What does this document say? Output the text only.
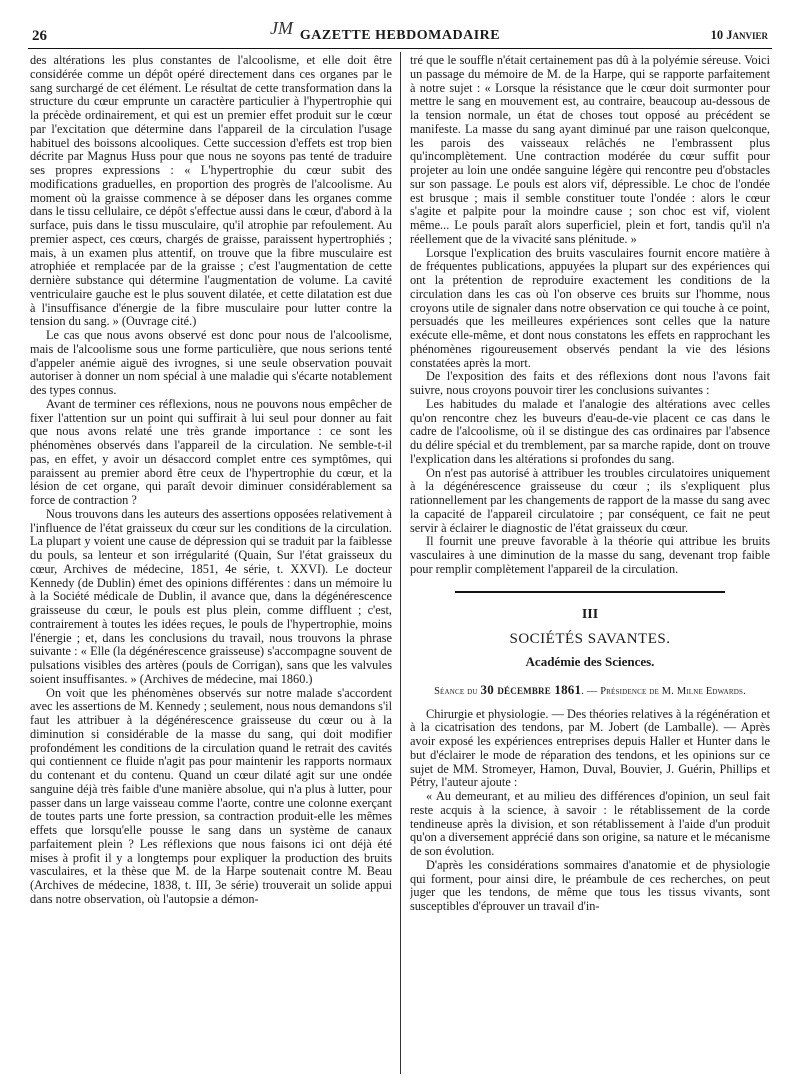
26	JM GAZETTE HEBDOMADAIRE	10 Janvier

des altérations les plus constantes de l'alcoolisme, et elle doit être considérée comme un dépôt opéré directement dans ces organes par le sang surchargé de cet élément. Le résultat de cette transformation dans la structure du cœur emprunte un caractère particulier à l'hypertrophie qui la précède ordinairement, et qui est un premier effet produit sur le cœur par l'excitation que détermine dans l'appareil de la circulation l'usage habituel des boissons alcooliques. Cette succession d'effets est trop bien décrite par Magnus Huss pour que nous ne soyons pas tenté de traduire ses propres expressions : « L'hypertrophie du cœur subit des modifications graduelles, en proportion des progrès de l'alcoolisme. Au moment où la graisse commence à se déposer dans les organes comme dans le tissu cellulaire, ce dépôt s'effectue aussi dans le cœur, d'abord à la surface, puis dans le tissu musculaire, qu'il atrophie par refoulement. Au premier aspect, ces cœurs, chargés de graisse, paraissent hypertrophiés ; mais, à un examen plus attentif, on trouve que la fibre musculaire est atrophiée et remplacée par de la graisse ; c'est l'augmentation de cette dernière substance qui détermine l'augmentation de volume. La cavité ventriculaire gauche est le plus souvent dilatée, et cette dilatation est due à l'insuffisance d'énergie de la fibre musculaire pour lutter contre la tension du sang. » (Ouvrage cité.)

Le cas que nous avons observé est donc pour nous de l'alcoolisme, mais de l'alcoolisme sous une forme particulière, que nous serions tenté d'appeler anémie aiguë des ivrognes, si une seule observation pouvait autoriser à donner un nom spécial à une maladie qui s'écarte notablement des types connus.

Avant de terminer ces réflexions, nous ne pouvons nous empêcher de fixer l'attention sur un point qui suffirait à lui seul pour donner au fait que nous avons relaté une très grande importance : ce sont les phénomènes observés dans l'appareil de la circulation. Ne semble-t-il pas, en effet, y avoir un désaccord complet entre ces symptômes, qui paraissent au premier abord être ceux de l'hypertrophie du cœur, et la lésion de cet organe, qui paraît devoir diminuer considérablement sa force de contraction ?

Nous trouvons dans les auteurs des assertions opposées relativement à l'influence de l'état graisseux du cœur sur les conditions de la circulation. La plupart y voient une cause de dépression qui se traduit par la faiblesse du pouls, sa lenteur et son irrégularité (Quain, Sur l'état graisseux du cœur, Archives de médecine, 1851, 4e série, t. XXVI). Le docteur Kennedy (de Dublin) émet des opinions différentes : dans un mémoire lu à la Société médicale de Dublin, il avance que, dans la dégénérescence graisseuse du cœur, le pouls est plus plein, comme diffluent ; c'est, contrairement à toutes les idées reçues, le pouls de l'hypertrophie, moins l'énergie ; et, dans les conclusions du travail, nous trouvons la phrase suivante : « Elle (la dégénérescence graisseuse) s'accompagne souvent de pulsations visibles des artères (pouls de Corrigan), sans que les valvules soient insuffisantes. » (Archives de médecine, mai 1860.)

On voit que les phénomènes observés sur notre malade s'accordent avec les assertions de M. Kennedy ; seulement, nous nous demandons s'il faut les attribuer à la dégénérescence graisseuse du cœur ou à la diminution si considérable de la masse du sang, qui doit modifier profondément les conditions de la circulation quand le retrait des cavités qui contiennent ce fluide n'agit pas pour maintenir les rapports normaux du contenant et du contenu. Quand un cœur dilaté agit sur une ondée sanguine déjà très faible d'une manière absolue, qui n'a plus à lutter, pour passer dans un large vaisseau comme l'aorte, contre une colonne exerçant de toutes parts une forte pression, sa contraction produit-elle les mêmes effets que lorsqu'elle pousse le sang dans un système de canaux parfaitement plein ? Les réflexions que nous faisons ici ont déjà été mises à profit il y a longtemps pour expliquer la production des bruits vasculaires, et la thèse que M. de la Harpe soutenait contre M. Beau (Archives de médecine, 1838, t. III, 3e série) trouverait un solide appui dans notre observation, où l'autopsie a démon-

tré que le souffle n'était certainement pas dû à la polyémie séreuse. Voici un passage du mémoire de M. de la Harpe, qui se rapporte parfaitement à notre sujet : « Lorsque la résistance que le cœur doit surmonter pour mettre le sang en mouvement est, au contraire, beaucoup au-dessous de la tension normale, un état de choses tout opposé au précédent se manifeste. La masse du sang ayant diminué par une raison quelconque, les parois des vaisseaux relâchés ne l'embrassent plus qu'incomplètement. Une contraction modérée du cœur suffit pour projeter au loin une ondée sanguine légère qui rencontre peu d'obstacles sur son passage. Le pouls est alors vif, dépressible. Le choc de l'ondée est brusque ; mais il semble constituer toute l'ondée : alors le cœur s'agite et palpite pour la moindre cause ; son choc est vif, violent même... Le pouls paraît alors superficiel, plein et fort, tandis qu'il n'a réellement que de la vivacité sans plénitude. »

Lorsque l'explication des bruits vasculaires fournit encore matière à de fréquentes publications, appuyées la plupart sur des expériences qui ont la prétention de reproduire exactement les conditions de la circulation dans les cas où l'on observe ces bruits sur l'homme, nous croyons utile de signaler dans notre observation ce qui touche à ce point, persuadés que les meilleures expériences sont celles que la nature exécute elle-même, et dont nous constatons les effets en rapprochant les phénomènes rigoureusement observés pendant la vie des lésions constatées après la mort.

De l'exposition des faits et des réflexions dont nous l'avons fait suivre, nous croyons pouvoir tirer les conclusions suivantes :

Les habitudes du malade et l'analogie des altérations avec celles qu'on rencontre chez les buveurs d'eau-de-vie placent ce cas dans le cadre de l'alcoolisme, où il se distingue des cas ordinaires par l'absence du délire spécial et du tremblement, par sa marche rapide, dont on trouve l'explication dans les altérations si profondes du sang.

On n'est pas autorisé à attribuer les troubles circulatoires uniquement à la dégénérescence graisseuse du cœur ; ils s'expliquent plus rationnellement par les changements de rapport de la masse du sang avec la capacité de l'appareil circulatoire ; par conséquent, ce fait ne peut servir à éclairer le diagnostic de l'état graisseux du cœur.

Il fournit une preuve favorable à la théorie qui attribue les bruits vasculaires à une diminution de la masse du sang, devenant trop faible pour remplir complètement l'appareil de la circulation.

III
SOCIÉTÉS SAVANTES.
Académie des Sciences.
Séance du 30 décembre 1861. — Présidence de M. Milne Edwards.

Chirurgie et physiologie. — Des théories relatives à la régénération et à la cicatrisation des tendons, par M. Jobert (de Lamballe). — Après avoir exposé les expériences entreprises depuis Haller et Hunter dans le but d'éclairer le mode de réparation des tendons, et les opinions sur ce sujet de MM. Stromeyer, Hamon, Duval, Bouvier, J. Guérin, Phillips et Pétry, l'auteur ajoute :

« Au demeurant, et au milieu des différences d'opinion, un seul fait reste acquis à la science, à savoir : le rétablissement de la corde tendineuse après la division, et son rétablissement à l'aide d'un produit qu'on a diversement apprécié dans son origine, sa nature et le mécanisme de son évolution.

D'après les considérations sommaires d'anatomie et de physiologie qui forment, pour ainsi dire, le préambule de ces recherches, on peut juger que les tendons, de même que tous les tissus vivants, sont susceptibles d'éprouver un travail d'in-
